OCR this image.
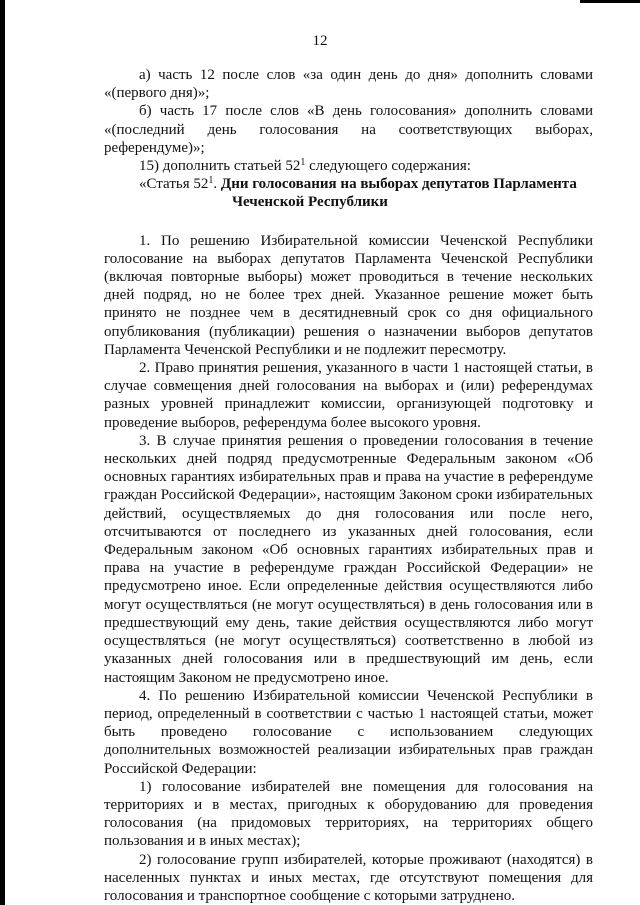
12

а) часть 12 после слов «за один день до дня» дополнить словами «(первого дня)»;

б) часть 17 после слов «В день голосования» дополнить словами «(последний день голосования на соответствующих выборах, референдуме)»;

15) дополнить статьей $52^1$ следующего содержания:

«Статья $52^1$. Дни голосования на выборах депутатов Парламента
Чеченской Республики

1. По решению Избирательной комиссии Чеченской Республики голосование на выборах депутатов Парламента Чеченской Республики (включая повторные выборы) может проводиться в течение нескольких дней подряд, но не более трех дней. Указанное решение может быть принято не позднее чем в десятидневный срок со дня официального опубликования (публикации) решения о назначении выборов депутатов Парламента Чеченской Республики и не подлежит пересмотру.

2. Право принятия решения, указанного в части 1 настоящей статьи, в случае совмещения дней голосования на выборах и (или) референдумах разных уровней принадлежит комиссии, организующей подготовку и проведение выборов, референдума более высокого уровня.

3. В случае принятия решения о проведении голосования в течение нескольких дней подряд предусмотренные Федеральным законом «Об основных гарантиях избирательных прав и права на участие в референдуме граждан Российской Федерации», настоящим Законом сроки избирательных действий, осуществляемых до дня голосования или после него, отсчитываются от последнего из указанных дней голосования, если Федеральным законом «Об основных гарантиях избирательных прав и права на участие в референдуме граждан Российской Федерации» не предусмотрено иное. Если определенные действия осуществляются либо могут осуществляться (не могут осуществляться) в день голосования или в предшествующий ему день, такие действия осуществляются либо могут осуществляться (не могут осуществляться) соответственно в любой из указанных дней голосования или в предшествующий им день, если настоящим Законом не предусмотрено иное.

4. По решению Избирательной комиссии Чеченской Республики в период, определенный в соответствии с частью 1 настоящей статьи, может быть проведено голосование с использованием следующих дополнительных возможностей реализации избирательных прав граждан Российской Федерации:

1) голосование избирателей вне помещения для голосования на территориях и в местах, пригодных к оборудованию для проведения голосования (на придомовых территориях, на территориях общего пользования и в иных местах);

2) голосование групп избирателей, которые проживают (находятся) в населенных пунктах и иных местах, где отсутствуют помещения для голосования и транспортное сообщение с которыми затруднено.
